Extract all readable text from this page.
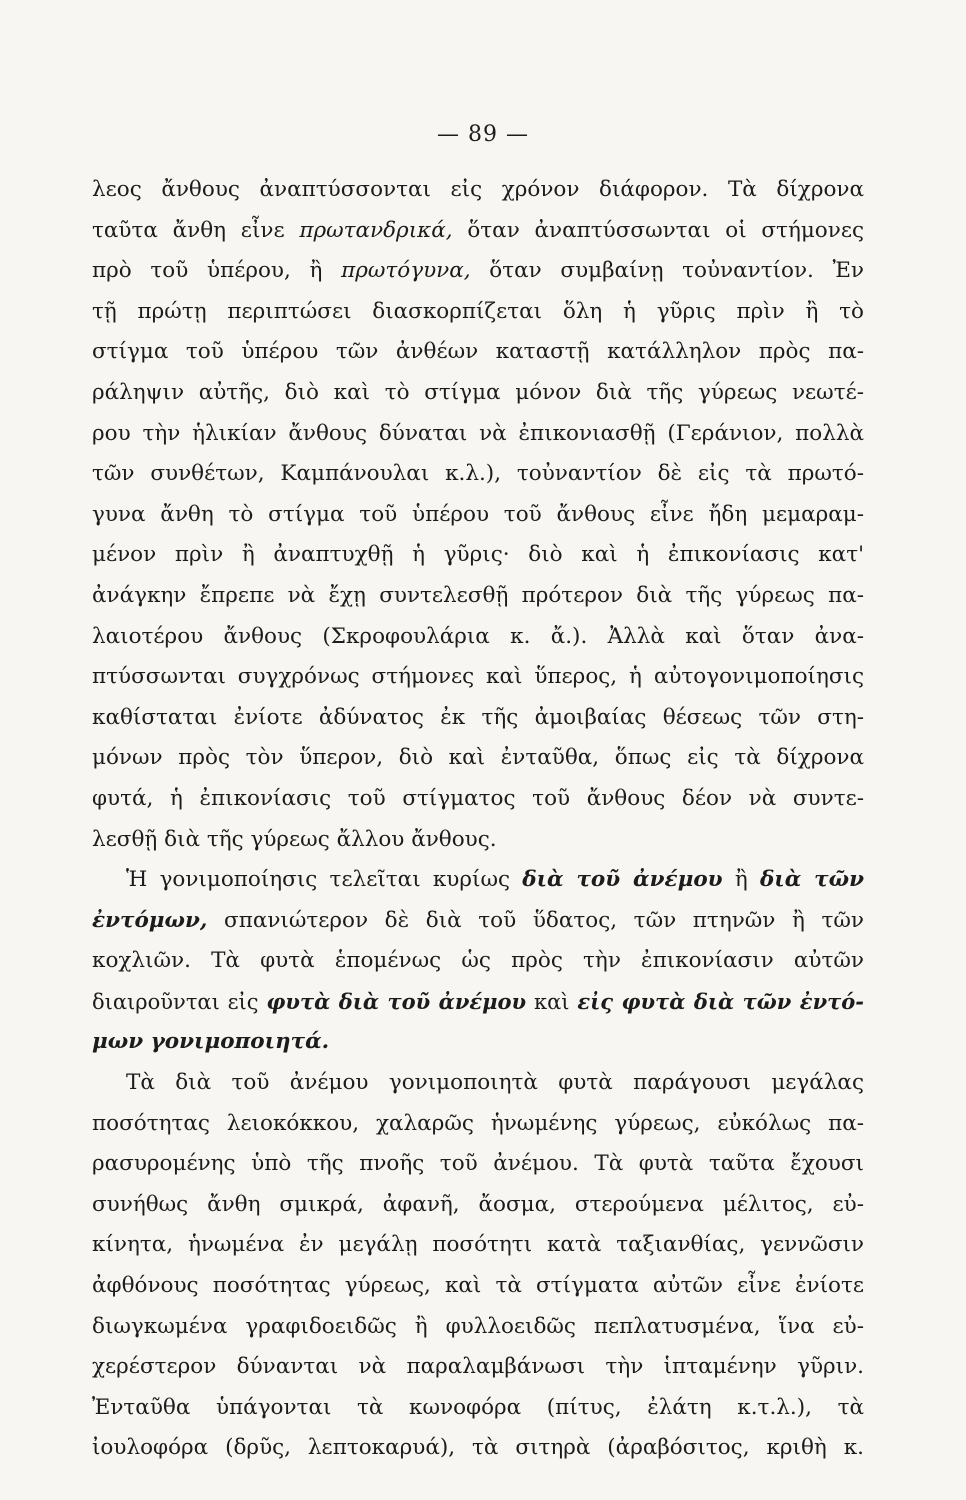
— 89 —
λεος ἄνθους ἀναπτύσσονται εἰς χρόνον διάφορον. Τὰ δίχρονα
ταῦτα ἄνθη εἶνε πρωτανδρικά, ὅταν ἀναπτύσσωνται οἱ στήμονες
πρὸ τοῦ ὑπέρου, ἢ πρωτόγυνα, ὅταν συμβαίνῃ τοὐναντίον. Ἐν
τῇ πρώτῃ περιπτώσει διασκορπίζεται ὅλη ἡ γῦρις πρὶν ἢ τὸ
στίγμα τοῦ ὑπέρου τῶν ἀνθέων καταστῇ κατάλληλον πρὸς πα-
ράληψιν αὐτῆς, διὸ καὶ τὸ στίγμα μόνον διὰ τῆς γύρεως νεωτέ-
ρου τὴν ἡλικίαν ἄνθους δύναται νὰ ἐπικονιασθῇ (Γεράνιον, πολλὰ
τῶν συνθέτων, Καμπάνουλαι κ.λ.), τοὐναντίον δὲ εἰς τὰ πρωτό-
γυνα ἄνθη τὸ στίγμα τοῦ ὑπέρου τοῦ ἄνθους εἶνε ἤδη μεμαραμ-
μένον πρὶν ἢ ἀναπτυχθῇ ἡ γῦρις· διὸ καὶ ἡ ἐπικονίασις κατ'
ἀνάγκην ἔπρεπε νὰ ἔχῃ συντελεσθῇ πρότερον διὰ τῆς γύρεως πα-
λαιοτέρου ἄνθους (Σκροφουλάρια κ. ἄ.). Ἀλλὰ καὶ ὅταν ἀνα-
πτύσσωνται συγχρόνως στήμονες καὶ ὕπερος, ἡ αὐτογονιμοποίησις
καθίσταται ἐνίοτε ἀδύνατος ἐκ τῆς ἀμοιβαίας θέσεως τῶν στη-
μόνων πρὸς τὸν ὕπερον, διὸ καὶ ἐνταῦθα, ὅπως εἰς τὰ δίχρονα
φυτά, ἡ ἐπικονίασις τοῦ στίγματος τοῦ ἄνθους δέον νὰ συντε-
λεσθῇ διὰ τῆς γύρεως ἄλλου ἄνθους.
Ἡ γονιμοποίησις τελεῖται κυρίως διὰ τοῦ ἀνέμου ἢ διὰ τῶν
ἐντόμων, σπανιώτερον δὲ διὰ τοῦ ὕδατος, τῶν πτηνῶν ἢ τῶν
κοχλιῶν. Τὰ φυτὰ ἑπομένως ὡς πρὸς τὴν ἐπικονίασιν αὐτῶν
διαιροῦνται εἰς φυτὰ διὰ τοῦ ἀνέμου καὶ εἰς φυτὰ διὰ τῶν ἐντό-
μων γονιμοποιητά.
Τὰ διὰ τοῦ ἀνέμου γονιμοποιητὰ φυτὰ παράγουσι μεγάλας
ποσότητας λειοκόκκου, χαλαρῶς ἡνωμένης γύρεως, εὐκόλως πα-
ρασυρομένης ὑπὸ τῆς πνοῆς τοῦ ἀνέμου. Τὰ φυτὰ ταῦτα ἔχουσι
συνήθως ἄνθη σμικρά, ἀφανῆ, ἄοσμα, στερούμενα μέλιτος, εὐ-
κίνητα, ἡνωμένα ἐν μεγάλῃ ποσότητι κατὰ ταξιανθίας, γεννῶσιν
ἀφθόνους ποσότητας γύρεως, καὶ τὰ στίγματα αὐτῶν εἶνε ἐνίοτε
διωγκωμένα γραφιδοειδῶς ἢ φυλλοειδῶς πεπλατυσμένα, ἵνα εὐ-
χερέστερον δύνανται νὰ παραλαμβάνωσι τὴν ἱπταμένην γῦριν.
Ἐνταῦθα ὑπάγονται τὰ κωνοφόρα (πίτυς, ἐλάτη κ.τ.λ.), τὰ
ἰουλοφόρα (δρῦς, λεπτοκαρυά), τὰ σιτηρὰ (ἀραβόσιτος, κριθὴ κ.
